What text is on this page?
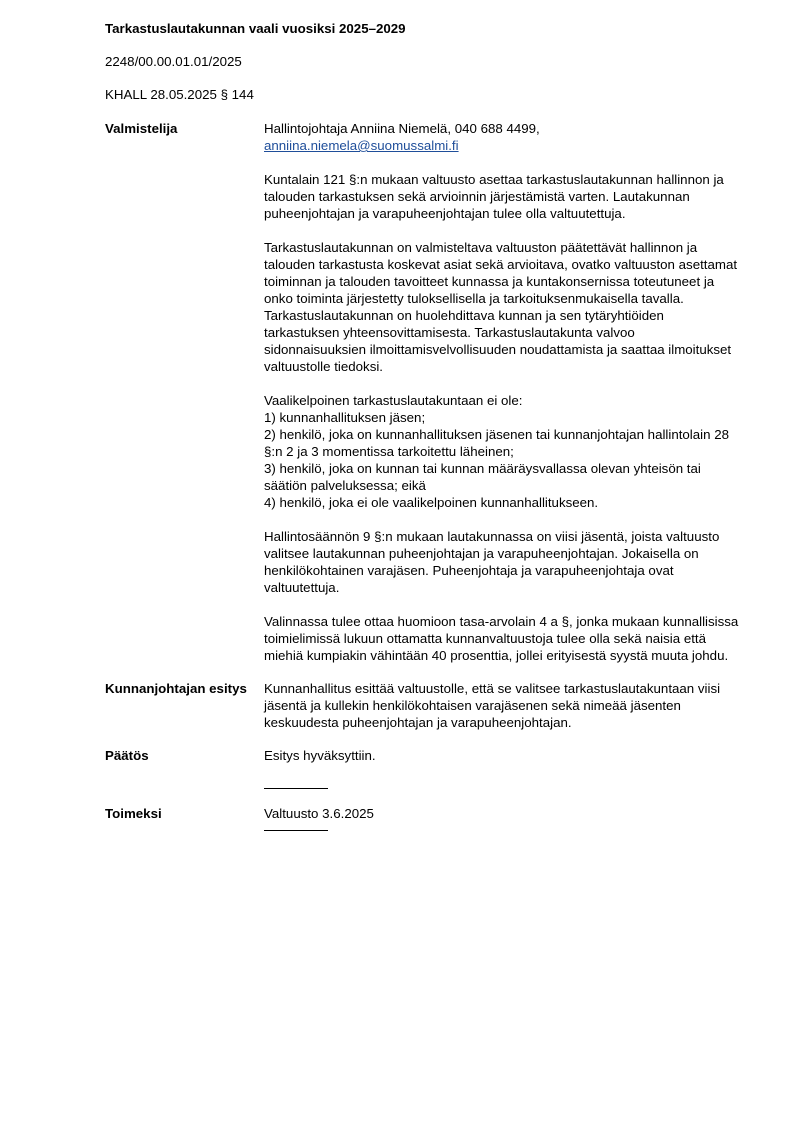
Tarkastuslautakunnan vaali vuosiksi 2025–2029
2248/00.00.01.01/2025
KHALL 28.05.2025 § 144
Valmistelija	Hallintojohtaja Anniina Niemelä, 040 688 4499,
anniina.niemela@suomussalmi.fi
Kuntalain 121 §:n mukaan valtuusto asettaa tarkastuslautakunnan hallinnon ja talouden tarkastuksen sekä arvioinnin järjestämistä varten. Lautakunnan puheenjohtajan ja varapuheenjohtajan tulee olla valtuutettuja.
Tarkastuslautakunnan on valmisteltava valtuuston päätettävät hallinnon ja talouden tarkastusta koskevat asiat sekä arvioitava, ovatko valtuuston asettamat toiminnan ja talouden tavoitteet kunnassa ja kuntakonsernissa toteutuneet ja onko toiminta järjestetty tuloksellisella ja tarkoituksenmukaisella tavalla. Tarkastuslautakunnan on huolehdittava kunnan ja sen tytäryhtiöiden tarkastuksen yhteensovittamisesta. Tarkastuslautakunta valvoo sidonnaisuuksien ilmoittamisvelvollisuuden noudattamista ja saattaa ilmoitukset valtuustolle tiedoksi.
Vaalikelpoinen tarkastuslautakuntaan ei ole:
1) kunnanhallituksen jäsen;
2) henkilö, joka on kunnanhallituksen jäsenen tai kunnanjohtajan hallintolain 28 §:n 2 ja 3 momentissa tarkoitettu läheinen;
3) henkilö, joka on kunnan tai kunnan määräysvallassa olevan yhteisön tai säätiön palveluksessa; eikä
4) henkilö, joka ei ole vaalikelpoinen kunnanhallitukseen.
Hallintosäännön 9 §:n mukaan lautakunnassa on viisi jäsentä, joista valtuusto valitsee lautakunnan puheenjohtajan ja varapuheenjohtajan. Jokaisella on henkilökohtainen varajäsen. Puheenjohtaja ja varapuheenjohtaja ovat valtuutettuja.
Valinnassa tulee ottaa huomioon tasa-arvolain 4 a §, jonka mukaan kunnallisissa toimielimissä lukuun ottamatta kunnanvaltuustoja tulee olla sekä naisia että miehiä kumpiakin vähintään 40 prosenttia, jollei erityisestä syystä muuta johdu.
Kunnanjohtajan esitys	Kunnanhallitus esittää valtuustolle, että se valitsee tarkastuslautakuntaan viisi jäsentä ja kullekin henkilökohtaisen varajäsenen sekä nimeää jäsenten keskuudesta puheenjohtajan ja varapuheenjohtajan.
Päätös	Esitys hyväksyttiin.
Toimeksi	Valtuusto 3.6.2025
